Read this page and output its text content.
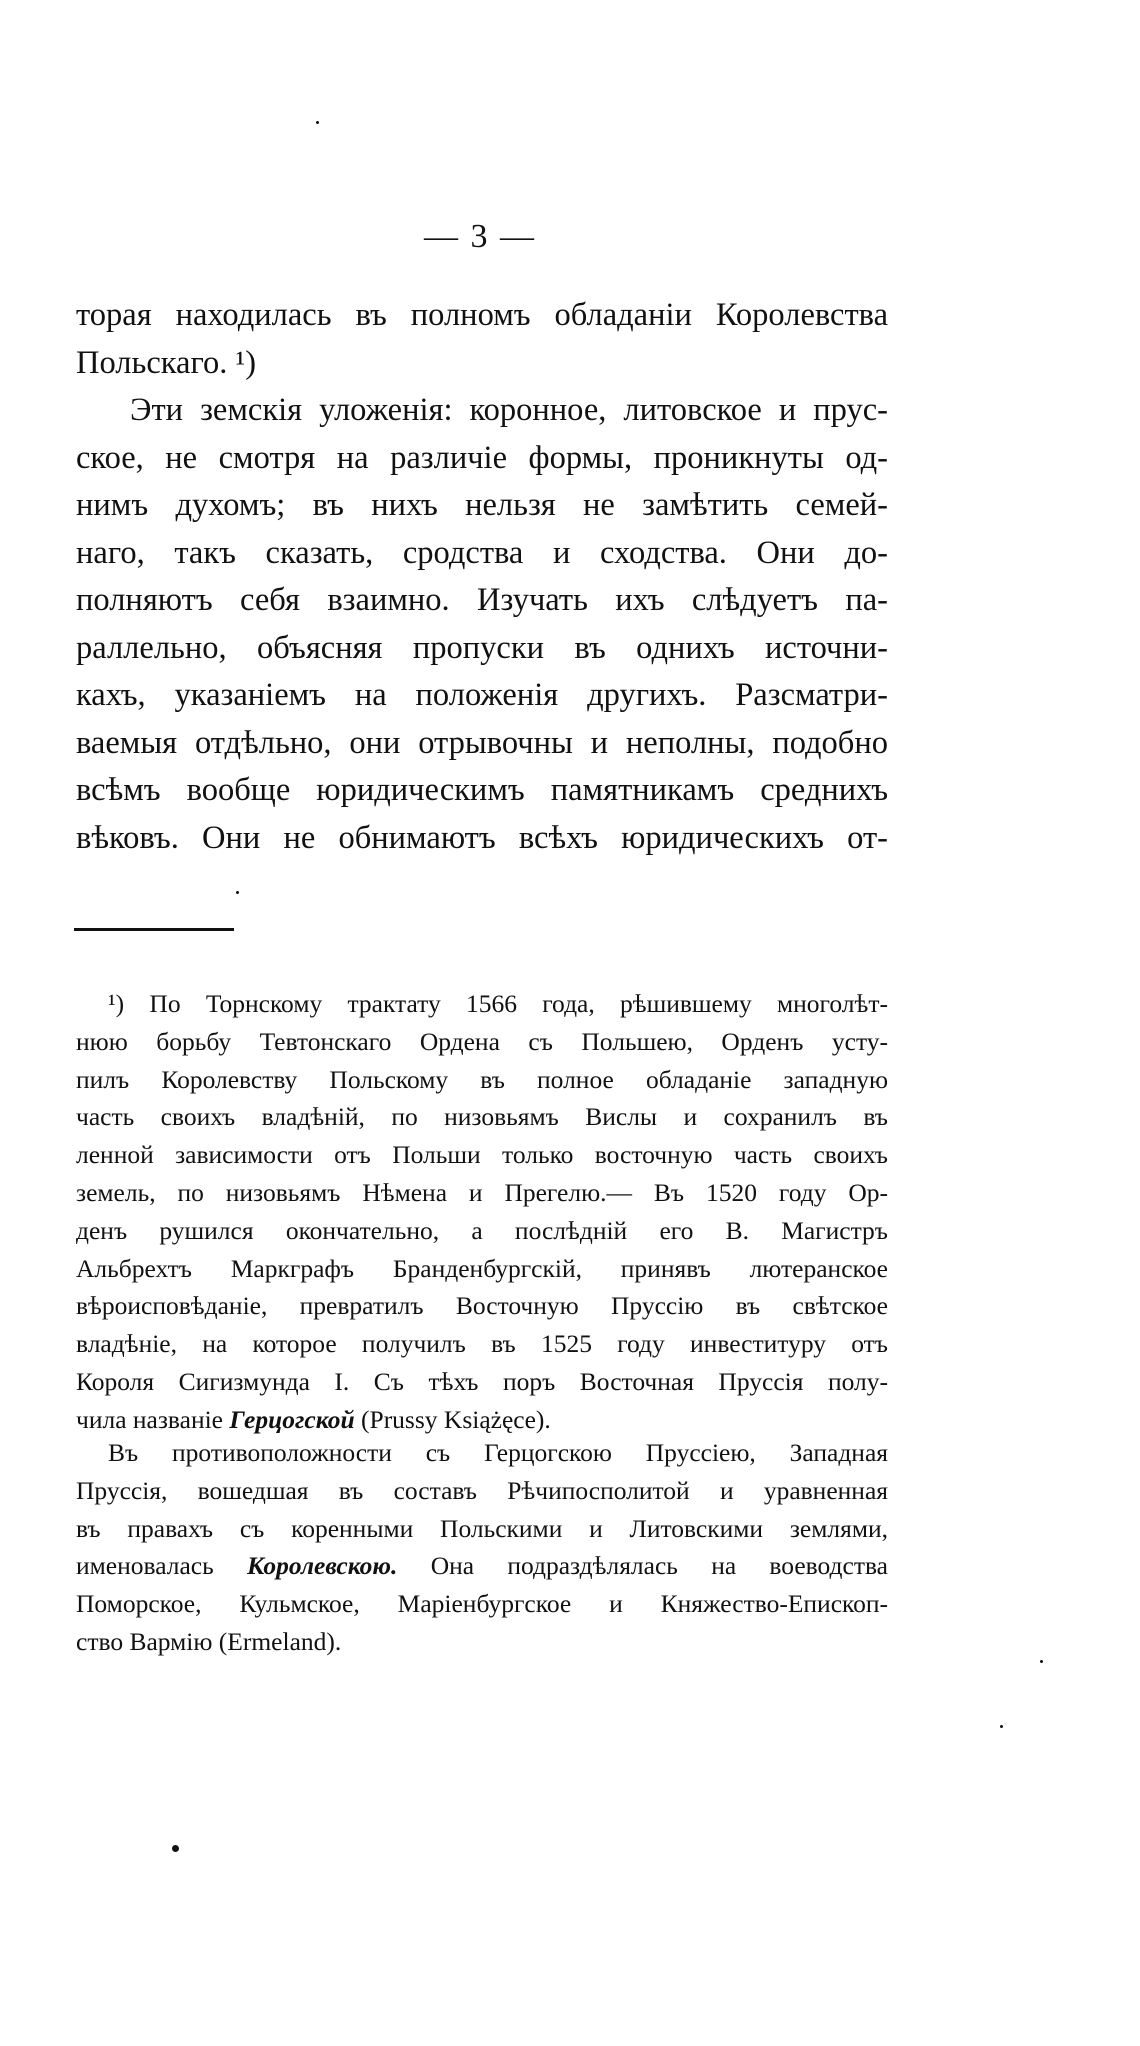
— 3 —
торая находилась въ полномъ обладаніи Королевства
Польскаго. ¹)
Эти земскія уложенія: коронное, литовское и прус-
ское, не смотря на различіе формы, проникнуты од-
нимъ духомъ; въ нихъ нельзя не замѣтить семей-
наго, такъ сказать, сродства и сходства. Они до-
полняютъ себя взаимно. Изучать ихъ слѣдуетъ па-
раллельно, объясняя пропуски въ однихъ источни-
кахъ, указаніемъ на положенія другихъ. Разсматри-
ваемыя отдѣльно, они отрывочны и неполны, подобно
всѣмъ вообще юридическимъ памятникамъ среднихъ
вѣковъ. Они не обнимаютъ всѣхъ юридическихъ от-
¹) По Торнскому трактату 1566 года, рѣшившему многолѣт-
нюю борьбу Тевтонскаго Ордена съ Польшею, Орденъ усту-
пилъ Королевству Польскому въ полное обладаніе западную
часть своихъ владѣній, по низовьямъ Вислы и сохранилъ въ
ленной зависимости отъ Польши только восточную часть своихъ
земель, по низовьямъ Нѣмена и Прегелю.— Въ 1520 году Ор-
денъ рушился окончательно, а послѣдній его В. Магистръ
Альбрехтъ Маркграфъ Бранденбургскій, принявъ лютеранское
вѣроисповѣданіе, превратилъ Восточную Пруссію въ свѣтское
владѣніе, на которое получилъ въ 1525 году инвеституру отъ
Короля Сигизмунда I. Съ тѣхъ поръ Восточная Пруссія полу-
чила названіе Герцогской (Prussy Książęce).
Въ противоположности съ Герцогскою Пруссіею, Западная
Пруссія, вошедшая въ составъ Рѣчипосполитой и уравненная
въ правахъ съ коренными Польскими и Литовскими землями,
именовалась Королевскою. Она подраздѣлялась на воеводства
Поморское, Кульмское, Маріенбургское и Княжество-Епископ-
ство Вармію (Ermeland).
